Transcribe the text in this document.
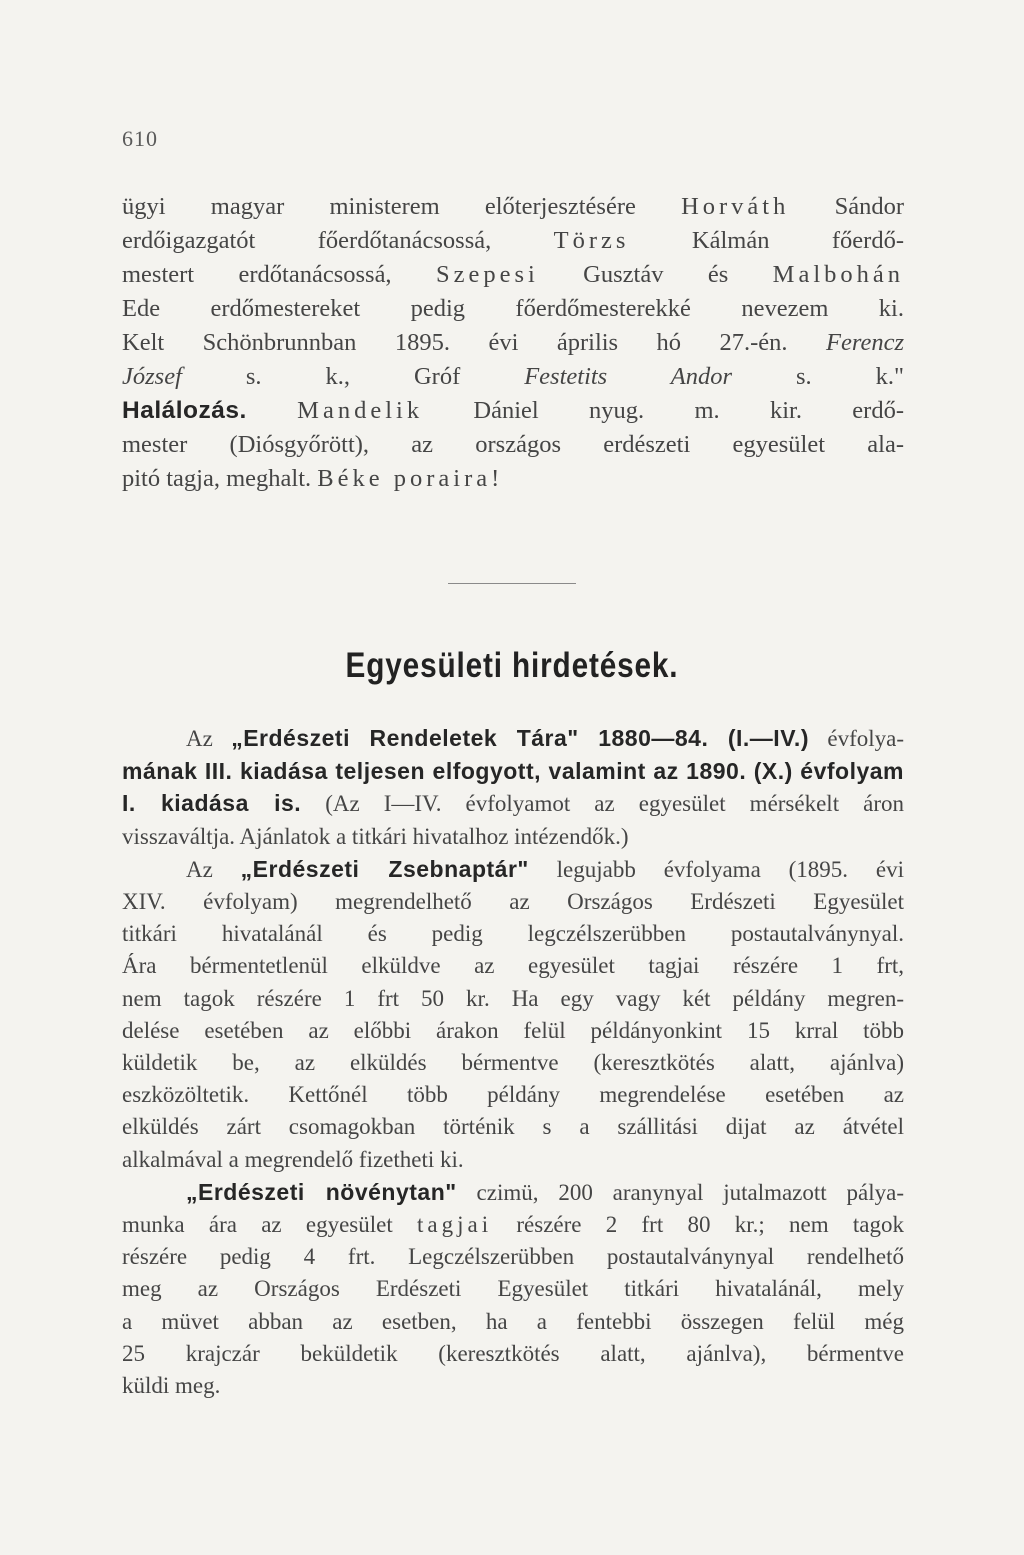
610
ügyi magyar ministerem előterjesztésére Horváth Sándor
erdőigazgatót főerdőtanácsossá, Törzs Kálmán főerdő-
mestert erdőtanácsossá, Szepesi Gusztáv és Malbohán
Ede erdőmestereket pedig főerdőmesterekké nevezem ki.
Kelt Schönbrunnban 1895. évi április hó 27.-én. Ferencz
József s. k., Gróf Festetits Andor s. k."
Halálozás. Mandelik Dániel nyug. m. kir. erdő-
mester (Diósgyőrött), az országos erdészeti egyesület ala-
pitó tagja, meghalt. Béke poraira!
Egyesületi hirdetések.
Az „Erdészeti Rendeletek Tára" 1880—84. (I.—IV.) évfolya-
mának III. kiadása teljesen elfogyott, valamint az 1890. (X.) évfolyam
I. kiadása is. (Az I—IV. évfolyamot az egyesület mérsékelt áron
visszaváltja. Ajánlatok a titkári hivatalhoz intézendők.)
Az „Erdészeti Zsebnaptár" legujabb évfolyama (1895. évi
XIV. évfolyam) megrendelhető az Országos Erdészeti Egyesület
titkári hivatalánál és pedig legczélszerübben postautalványnyal.
Ára bérmentetlenül elküldve az egyesület tagjai részére 1 frt,
nem tagok részére 1 frt 50 kr. Ha egy vagy két példány megren-
delése esetében az előbbi árakon felül példányonkint 15 krral több
küldetik be, az elküldés bérmentve (keresztkötés alatt, ajánlva)
eszközöltetik. Kettőnél több példány megrendelése esetében az
elküldés zárt csomagokban történik s a szállitási dijat az átvétel
alkalmával a megrendelő fizetheti ki.
„Erdészeti növénytan" czimü, 200 aranynyal jutalmazott pálya-
munka ára az egyesület tagjai részére 2 frt 80 kr.; nem tagok
részére pedig 4 frt. Legczélszerübben postautalványnyal rendelhető
meg az Országos Erdészeti Egyesület titkári hivatalánál, mely
a müvet abban az esetben, ha a fentebbi összegen felül még
25 krajczár beküldetik (keresztkötés alatt, ajánlva), bérmentve
küldi meg.
